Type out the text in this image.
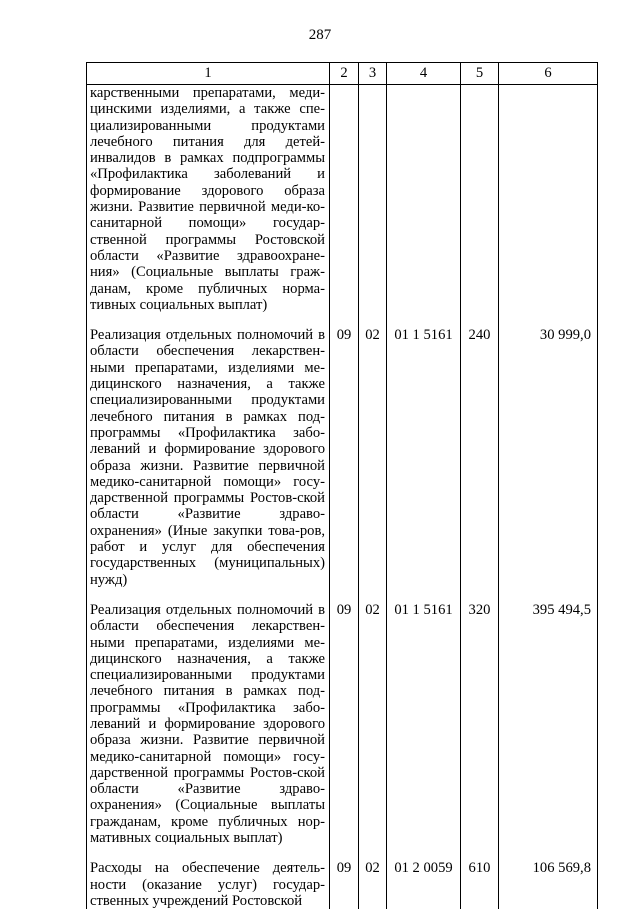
287
1	2	3	4	5	6
карственными препаратами, меди-цинскими изделиями, а также спе-циализированными продуктами лечебного питания для детей-инвалидов в рамках подпрограммы «Профилактика заболеваний и формирование здорового образа жизни. Развитие первичной меди-ко-санитарной помощи» государ-ственной программы Ростовской области «Развитие здравоохране-ния» (Социальные выплаты граж-данам, кроме публичных норма-тивных социальных выплат)					

Реализация отдельных полномочий в области обеспечения лекарствен-ными препаратами, изделиями ме-дицинского назначения, а также специализированными продуктами лечебного питания в рамках под-программы «Профилактика забо-леваний и формирование здорового образа жизни. Развитие первичной медико-санитарной помощи» госу-дарственной программы Ростов-ской области «Развитие здраво-охранения» (Иные закупки това-ров, работ и услуг для обеспечения государственных (муниципальных) нужд)	09	02	01 1 5161	240	30 999,0

Реализация отдельных полномочий в области обеспечения лекарствен-ными препаратами, изделиями ме-дицинского назначения, а также специализированными продуктами лечебного питания в рамках под-программы «Профилактика забо-леваний и формирование здорового образа жизни. Развитие первичной медико-санитарной помощи» госу-дарственной программы Ростов-ской области «Развитие здраво-охранения» (Социальные выплаты гражданам, кроме публичных нор-мативных социальных выплат)	09	02	01 1 5161	320	395 494,5

Расходы на обеспечение деятель-ности (оказание услуг) государ-ственных учреждений Ростовской	09	02	01 2 0059	610	106 569,8
